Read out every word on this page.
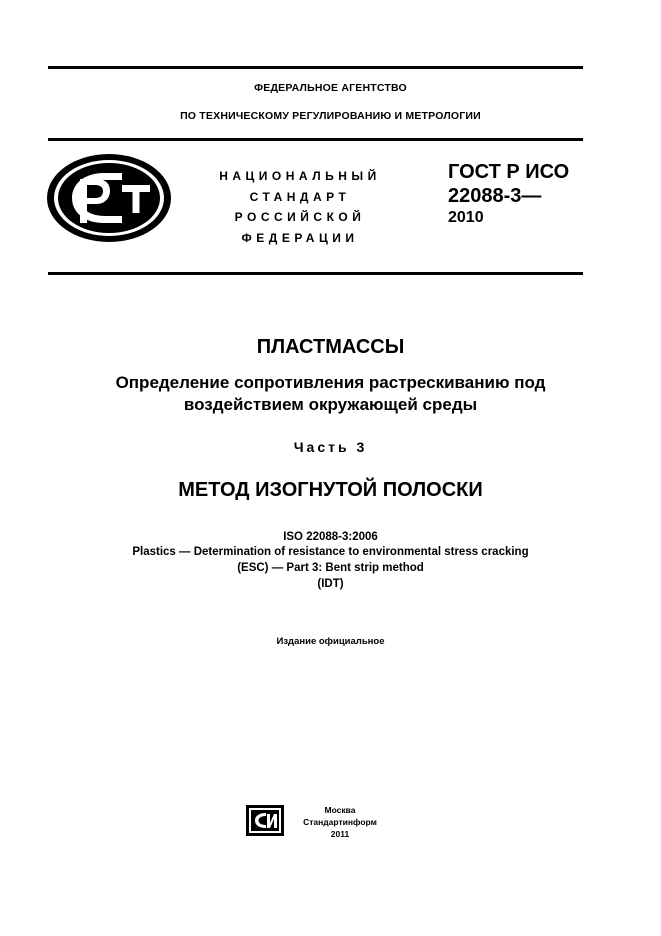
ФЕДЕРАЛЬНОЕ АГЕНТСТВО
ПО ТЕХНИЧЕСКОМУ РЕГУЛИРОВАНИЮ И МЕТРОЛОГИИ
НАЦИОНАЛЬНЫЙ
СТАНДАРТ
РОССИЙСКОЙ
ФЕДЕРАЦИИ
ГОСТ Р ИСО
22088-3—
2010
ПЛАСТМАССЫ
Определение сопротивления растрескиванию под
воздействием окружающей среды
Часть 3
МЕТОД ИЗОГНУТОЙ ПОЛОСКИ
ISO 22088-3:2006
Plastics — Determination of resistance to environmental stress cracking
(ESC) — Part 3: Bent strip method
(IDT)
Издание официальное
Москва
Стандартинформ
2011
